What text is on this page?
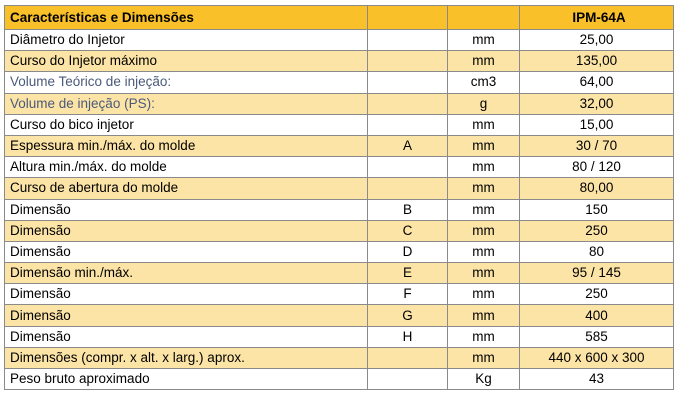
Características e Dimensões			IPM-64A
Diâmetro do Injetor		mm	25,00
Curso do Injetor máximo		mm	135,00
Volume Teórico de injeção:		cm3	64,00
Volume de injeção (PS):		g	32,00
Curso do bico injetor		mm	15,00
Espessura min./máx. do molde	A	mm	30 / 70
Altura min./máx. do molde		mm	80 / 120
Curso de abertura do molde		mm	80,00
Dimensão	B	mm	150
Dimensão	C	mm	250
Dimensão	D	mm	80
Dimensão min./máx.	E	mm	95 / 145
Dimensão	F	mm	250
Dimensão	G	mm	400
Dimensão	H	mm	585
Dimensões (compr. x alt. x larg.) aprox.		mm	440 x 600 x 300
Peso bruto aproximado		Kg	43
